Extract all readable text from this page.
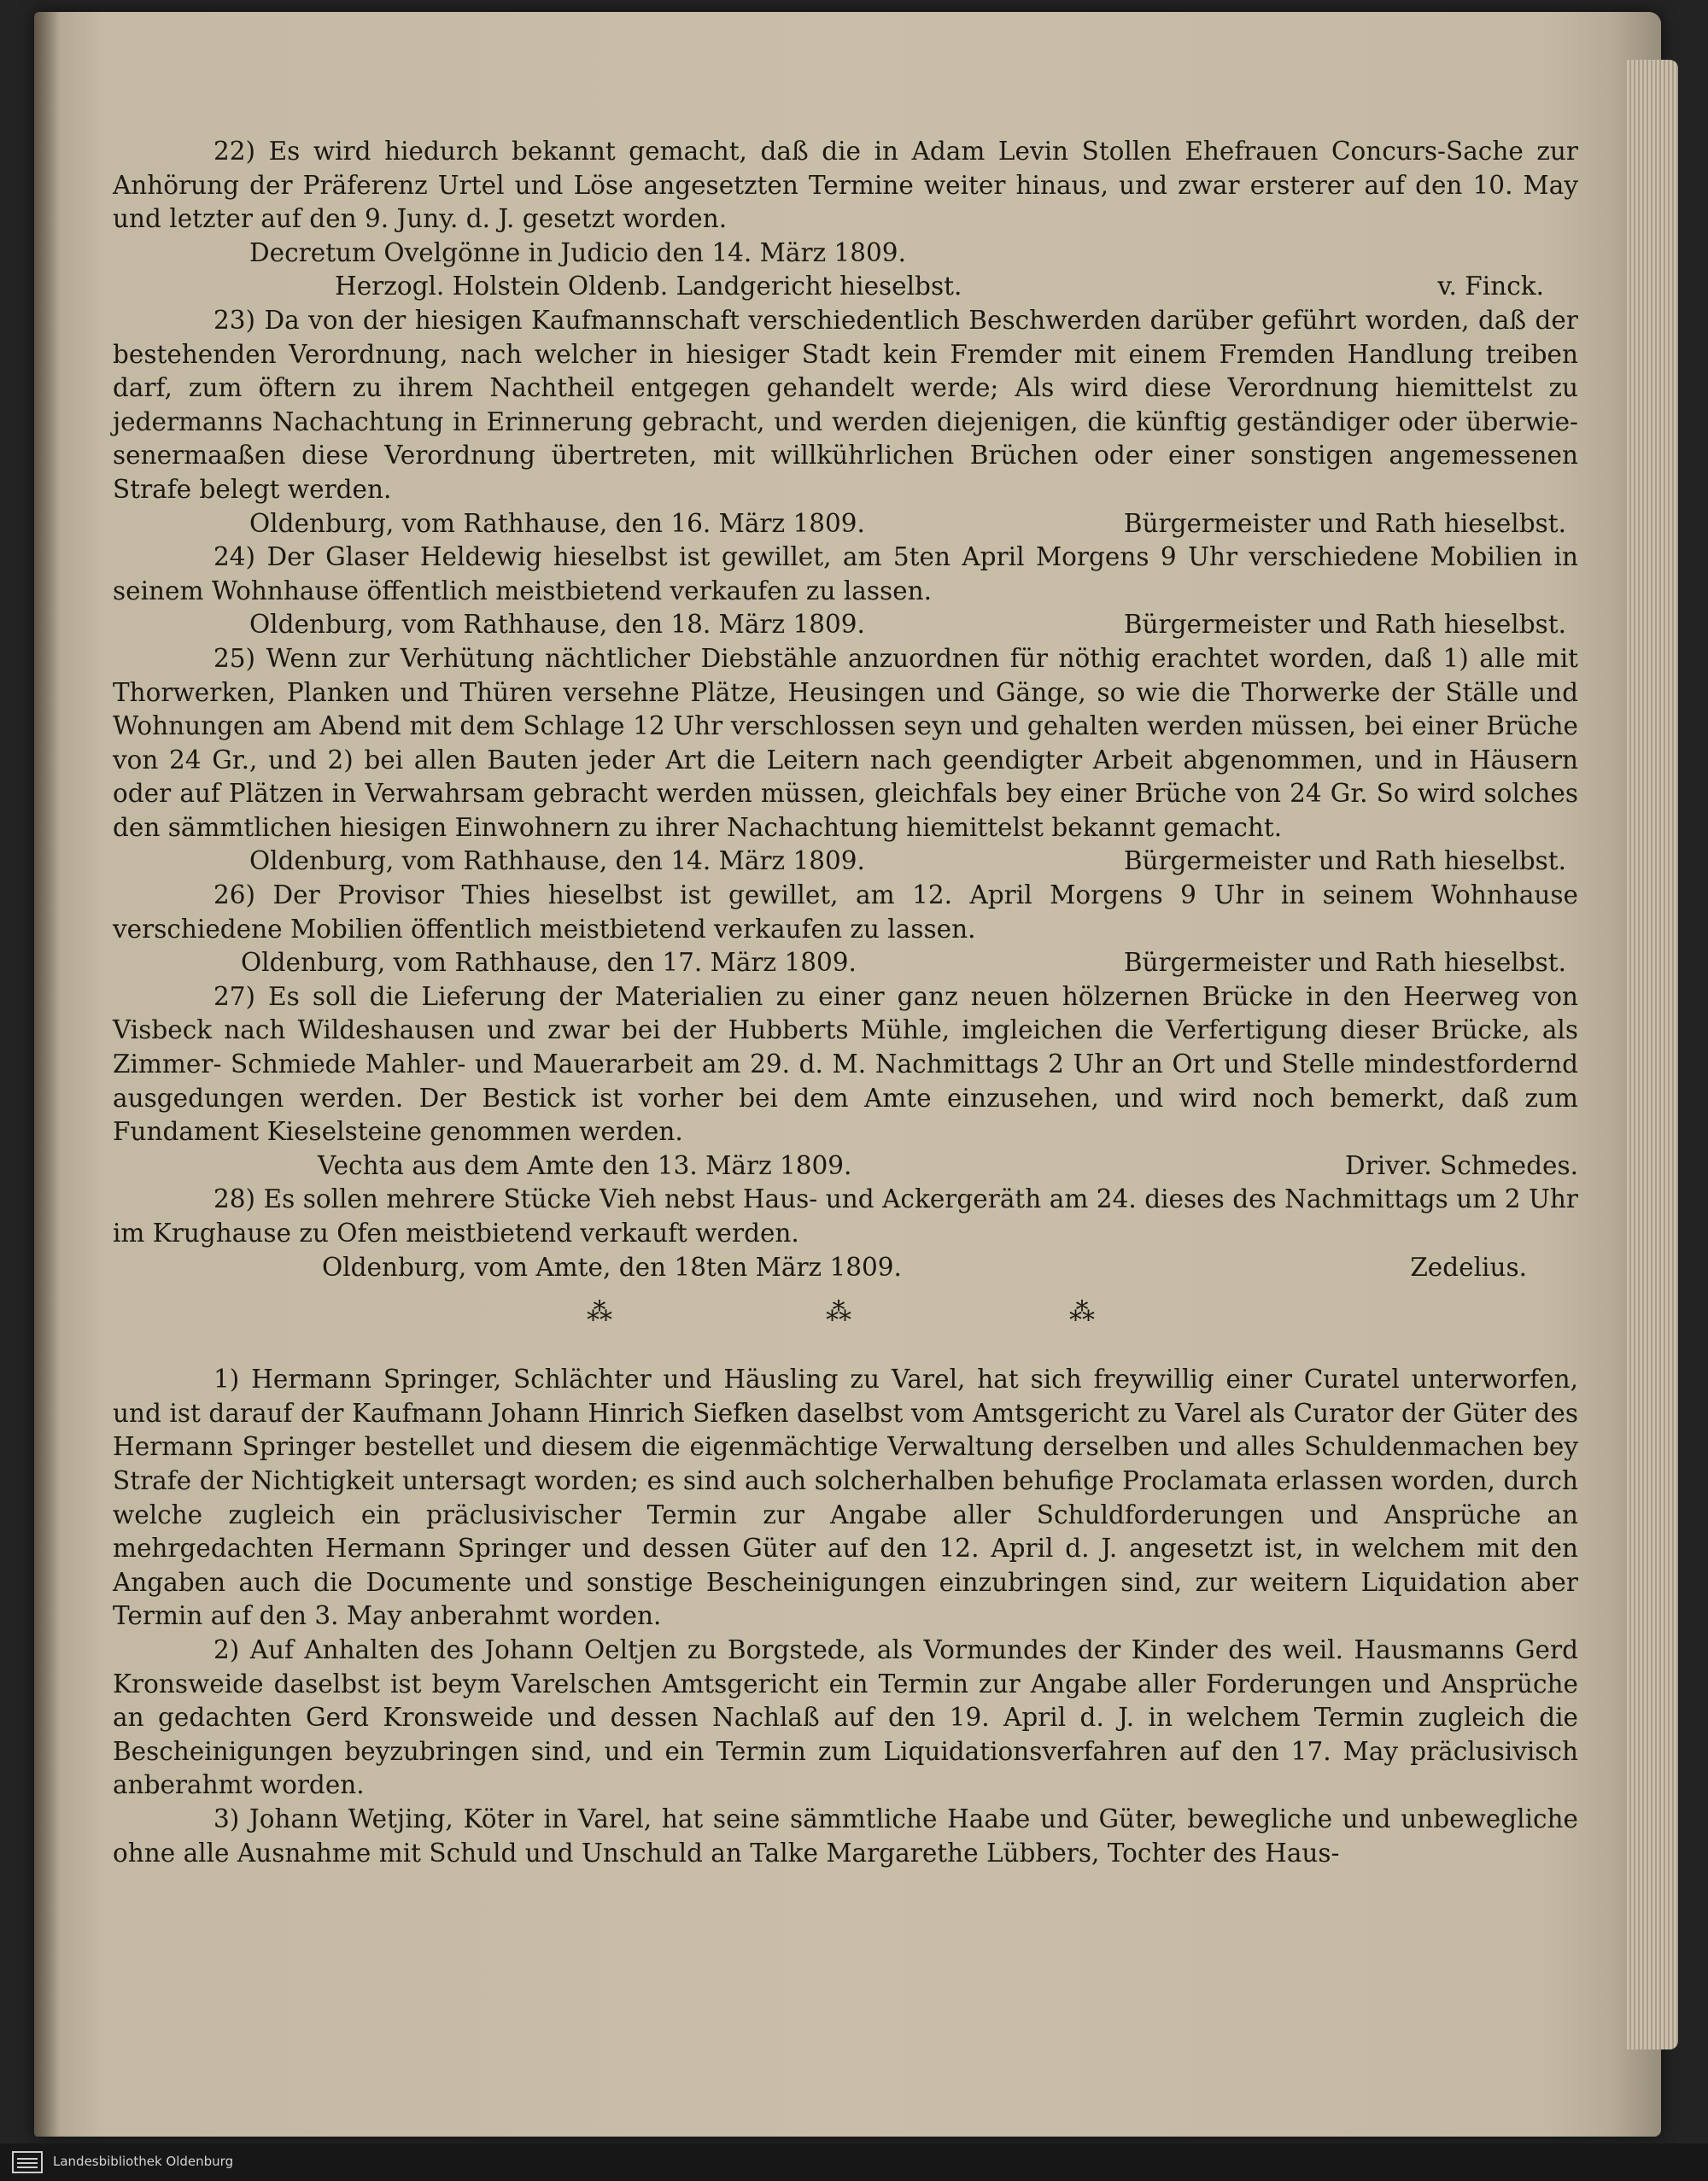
22) Es wird hiedurch bekannt gemacht, daß die in Adam Levin Stollen Ehefrauen Concurs-Sache zur Anhörung der Präferenz Urtel und Löse angesetzten Termine weiter hinaus, und zwar ersterer auf den 10. May und letzter auf den 9. Juny. d. J. gesetzt worden.

Decretum Ovelgönne in Judicio den 14. März 1809.

Herzogl. Holstein Oldenb. Landgericht hieselbst.	v. Finck.

23) Da von der hiesigen Kaufmannschaft verschiedentlich Beschwerden darüber geführt worden, daß der bestehenden Verordnung, nach welcher in hiesiger Stadt kein Fremder mit einem Fremden Handlung treiben darf, zum öftern zu ihrem Nachtheil entgegen gehandelt werde; Als wird diese Verordnung hiemittelst zu jedermanns Nachachtung in Erinnerung gebracht, und werden diejenigen, die künftig geständiger oder überwie-senermaaßen diese Verordnung übertreten, mit willkührlichen Brüchen oder einer sonstigen angemessenen Strafe belegt werden.

Oldenburg, vom Rathhause, den 16. März 1809.	Bürgermeister und Rath hieselbst.

24) Der Glaser Heldewig hieselbst ist gewillet, am 5ten April Morgens 9 Uhr verschiedene Mobilien in seinem Wohnhause öffentlich meistbietend verkaufen zu lassen.

Oldenburg, vom Rathhause, den 18. März 1809.	Bürgermeister und Rath hieselbst.

25) Wenn zur Verhütung nächtlicher Diebstähle anzuordnen für nöthig erachtet worden, daß 1) alle mit Thorwerken, Planken und Thüren versehne Plätze, Heusingen und Gänge, so wie die Thorwerke der Ställe und Wohnungen am Abend mit dem Schlage 12 Uhr verschlossen seyn und gehalten werden müssen, bei einer Brüche von 24 Gr., und 2) bei allen Bauten jeder Art die Leitern nach geendigter Arbeit abgenommen, und in Häusern oder auf Plätzen in Verwahrsam gebracht werden müssen, gleichfals bey einer Brüche von 24 Gr. So wird solches den sämmtlichen hiesigen Einwohnern zu ihrer Nachachtung hiemittelst bekannt gemacht.

Oldenburg, vom Rathhause, den 14. März 1809.	Bürgermeister und Rath hieselbst.

26) Der Provisor Thies hieselbst ist gewillet, am 12. April Morgens 9 Uhr in seinem Wohnhause verschiedene Mobilien öffentlich meistbietend verkaufen zu lassen.

Oldenburg, vom Rathhause, den 17. März 1809.	Bürgermeister und Rath hieselbst.

27) Es soll die Lieferung der Materialien zu einer ganz neuen hölzernen Brücke in den Heerweg von Visbeck nach Wildeshausen und zwar bei der Hubberts Mühle, imgleichen die Verfertigung dieser Brücke, als Zimmer- Schmiede Mahler- und Mauerarbeit am 29. d. M. Nachmittags 2 Uhr an Ort und Stelle mindestfordernd ausgedungen werden. Der Bestick ist vorher bei dem Amte einzusehen, und wird noch bemerkt, daß zum Fundament Kieselsteine genommen werden.

Vechta aus dem Amte den 13. März 1809.	Driver. Schmedes.

28) Es sollen mehrere Stücke Vieh nebst Haus- und Ackergeräth am 24. dieses des Nachmittags um 2 Uhr im Krughause zu Ofen meistbietend verkauft werden.

Oldenburg, vom Amte, den 18ten März 1809.	Zedelius.
⁂	⁂	⁂

1) Hermann Springer, Schlächter und Häusling zu Varel, hat sich freywillig einer Curatel unterworfen, und ist darauf der Kaufmann Johann Hinrich Siefken daselbst vom Amtsgericht zu Varel als Curator der Güter des Hermann Springer bestellet und diesem die eigenmächtige Verwaltung derselben und alles Schuldenmachen bey Strafe der Nichtigkeit untersagt worden; es sind auch solcherhalben behufige Proclamata erlassen worden, durch welche zugleich ein präclusivischer Termin zur Angabe aller Schuldforderungen und Ansprüche an mehrgedachten Hermann Springer und dessen Güter auf den 12. April d. J. angesetzt ist, in welchem mit den Angaben auch die Documente und sonstige Bescheinigungen einzubringen sind, zur weitern Liquidation aber Termin auf den 3. May anberahmt worden.

2) Auf Anhalten des Johann Oeltjen zu Borgstede, als Vormundes der Kinder des weil. Hausmanns Gerd Kronsweide daselbst ist beym Varelschen Amtsgericht ein Termin zur Angabe aller Forderungen und Ansprüche an gedachten Gerd Kronsweide und dessen Nachlaß auf den 19. April d. J. in welchem Termin zugleich die Bescheinigungen beyzubringen sind, und ein Termin zum Liquidationsverfahren auf den 17. May präclusivisch anberahmt worden.

3) Johann Wetjing, Köter in Varel, hat seine sämmtliche Haabe und Güter, bewegliche und unbewegliche ohne alle Ausnahme mit Schuld und Unschuld an Talke Margarethe Lübbers, Tochter des Haus-

Landesbibliothek Oldenburg
